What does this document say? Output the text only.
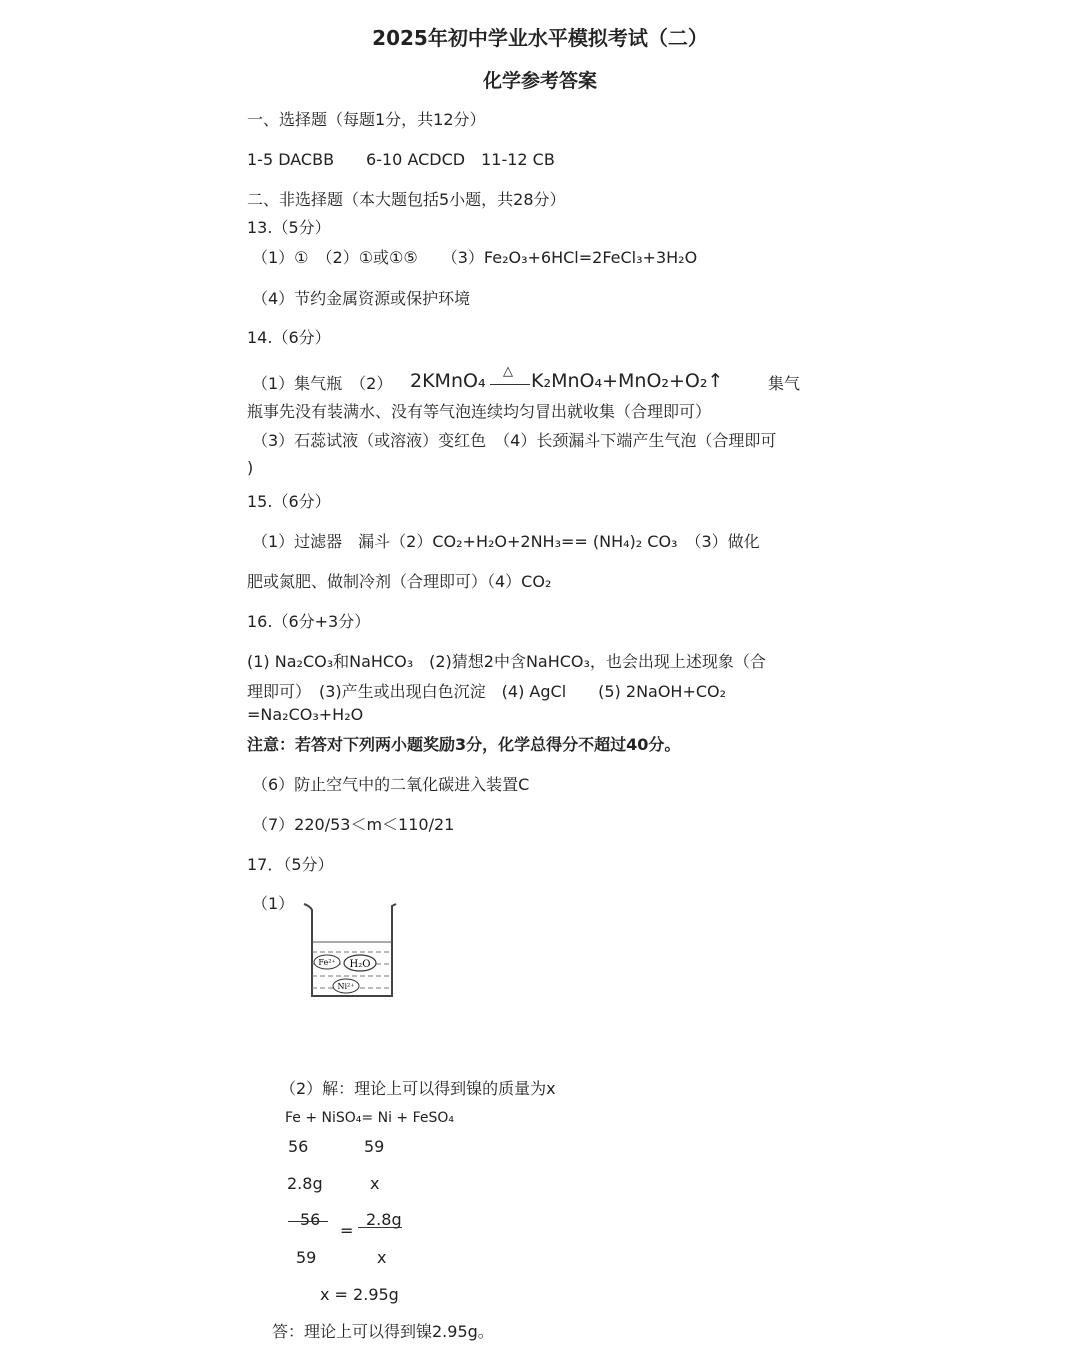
2025年初中学业水平模拟考试（二）
化学参考答案
一、选择题（每题1分，共12分）
1-5 DACBB　　6-10 ACDCD　11-12 CB
二、非选择题（本大题包括5小题，共28分）
13.（5分）
（1）①　（2）①或①⑤　　（3）Fe₂O₃+6HCl=2FeCl₃+3H₂O
（4）节约金属资源或保护环境
14.（6分）
（1）集气瓶　（2） 2KMnO₄ △ K₂MnO₄+MnO₂+O₂↑	集气
瓶事先没有装满水、没有等气泡连续均匀冒出就收集（合理即可）
（3）石蕊试液（或溶液）变红色　（4）长颈漏斗下端产生气泡（合理即可
)
15.（6分）
（1）过滤器　漏斗（2）CO₂+H₂O+2NH₃== (NH₄)₂ CO₃　（3）做化
肥或氮肥、做制冷剂（合理即可）（4）CO₂
16.（6分+3分）
(1) Na₂CO₃和NaHCO₃　(2)猜想2中含NaHCO₃，也会出现上述现象（合
理即可）　(3)产生或出现白色沉淀　(4) AgCl　　(5) 2NaOH+CO₂
=Na₂CO₃+H₂O
注意：若答对下列两小题奖励3分，化学总得分不超过40分。
（6）防止空气中的二氧化碳进入装置C
（7）220/53＜m＜110/21
17．（5分）
（1）
Fe²⁺ H₂O
Ni²⁺
（2）解：理论上可以得到镍的质量为x
Fe + NiSO₄= Ni + FeSO₄
56	59
2.8g	x
56
=
2.8g
59	x
x = 2.95g
答：理论上可以得到镍2.95g。
